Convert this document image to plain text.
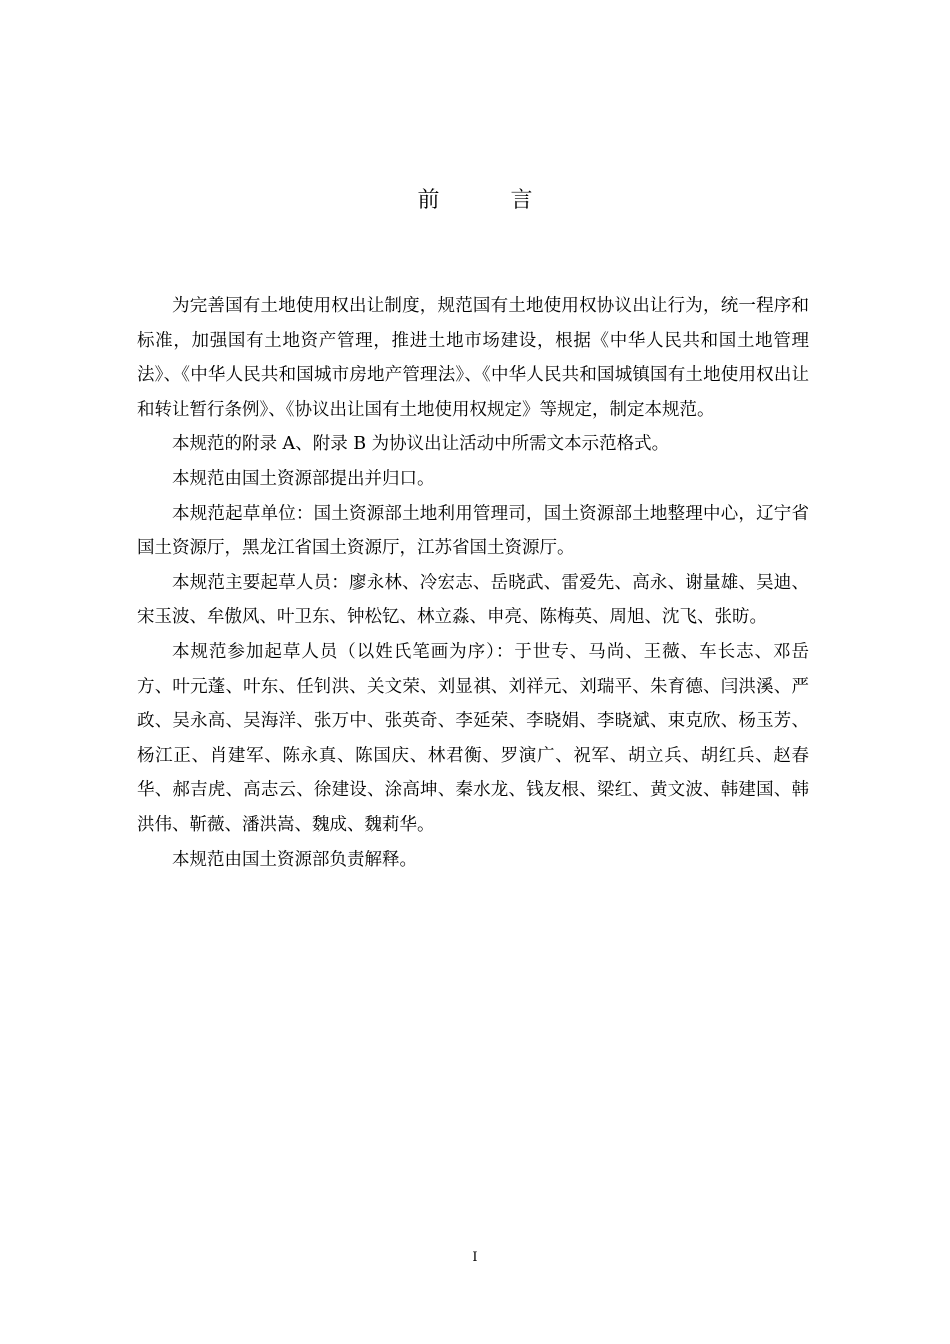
前 言

为完善国有土地使用权出让制度，规范国有土地使用权协议出让行为，统一程序和标准，加强国有土地资产管理，推进土地市场建设，根据《中华人民共和国土地管理法》、《中华人民共和国城市房地产管理法》、《中华人民共和国城镇国有土地使用权出让和转让暂行条例》、《协议出让国有土地使用权规定》等规定，制定本规范。

本规范的附录 A、附录 B 为协议出让活动中所需文本示范格式。

本规范由国土资源部提出并归口。

本规范起草单位：国土资源部土地利用管理司，国土资源部土地整理中心，辽宁省国土资源厅，黑龙江省国土资源厅，江苏省国土资源厅。

本规范主要起草人员：廖永林、冷宏志、岳晓武、雷爱先、高永、谢量雄、吴迪、宋玉波、牟傲风、叶卫东、钟松钇、林立淼、申亮、陈梅英、周旭、沈飞、张昉。

本规范参加起草人员（以姓氏笔画为序）：于世专、马尚、王薇、车长志、邓岳方、叶元蓬、叶东、任钊洪、关文荣、刘显祺、刘祥元、刘瑞平、朱育德、闫洪溪、严政、吴永高、吴海洋、张万中、张英奇、李延荣、李晓娟、李晓斌、束克欣、杨玉芳、杨江正、肖建军、陈永真、陈国庆、林君衡、罗演广、祝军、胡立兵、胡红兵、赵春华、郝吉虎、高志云、徐建设、涂高坤、秦水龙、钱友根、梁红、黄文波、韩建国、韩洪伟、靳薇、潘洪嵩、魏成、魏莉华。

本规范由国土资源部负责解释。

I
